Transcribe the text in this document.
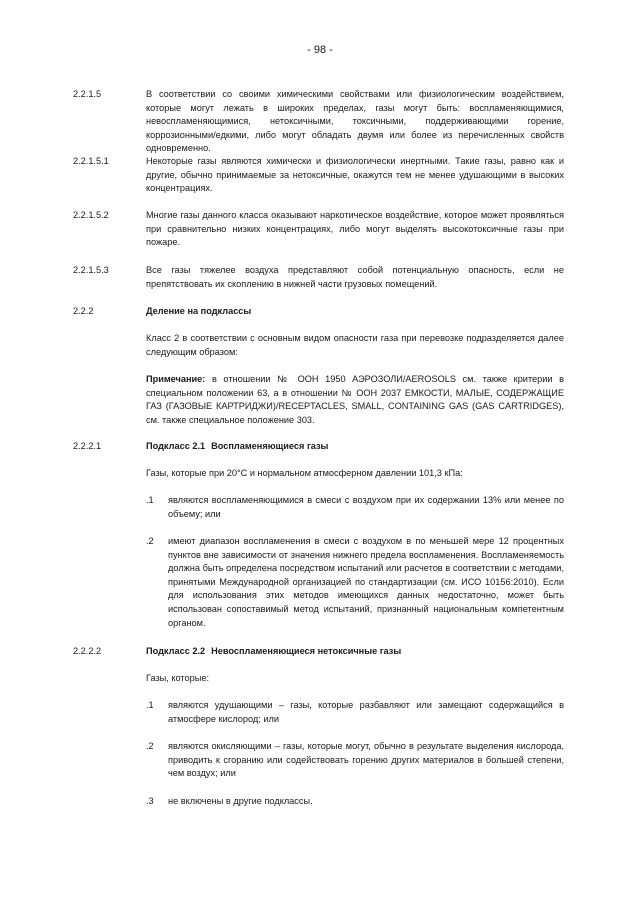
- 98 -
2.2.1.5	В соответствии со своими химическими свойствами или физиологическим воздействием, которые могут лежать в широких пределах, газы могут быть: воспламеняющимися, невоспламеняющимися, нетоксичными, токсичными, поддерживающими горение, коррозионными/едкими, либо могут обладать двумя или более из перечисленных свойств одновременно.
2.2.1.5.1	Некоторые газы являются химически и физиологически инертными. Такие газы, равно как и другие, обычно принимаемые за нетоксичные, окажутся тем не менее удушающими в высоких концентрациях.
2.2.1.5.2	Многие газы данного класса оказывают наркотическое воздействие, которое может проявляться при сравнительно низких концентрациях, либо могут выделять высокотоксичные газы при пожаре.
2.2.1.5.3	Все газы тяжелее воздуха представляют собой потенциальную опасность, если не препятствовать их скоплению в нижней части грузовых помещений.
2.2.2	Деление на подклассы
Класс 2 в соответствии с основным видом опасности газа при перевозке подразделяется далее следующим образом:
Примечание: в отношении № ООН 1950 АЭРОЗОЛИ/AEROSOLS см. также критерии в специальном положении 63, а в отношении № ООН 2037 ЕМКОСТИ, МАЛЫЕ, СОДЕРЖАЩИЕ ГАЗ (ГАЗОВЫЕ КАРТРИДЖИ)/RECEPTACLES, SMALL, CONTAINING GAS (GAS CARTRIDGES), см. также специальное положение 303.
2.2.2.1	Подкласс 2.1 Воспламеняющиеся газы
Газы, которые при 20°C и нормальном атмосферном давлении 101,3 кПа:
.1 являются воспламеняющимися в смеси с воздухом при их содержании 13% или менее по объему; или
.2 имеют диапазон воспламенения в смеси с воздухом в по меньшей мере 12 процентных пунктов вне зависимости от значения нижнего предела воспламенения. Воспламеняемость должна быть определена посредством испытаний или расчетов в соответствии с методами, принятыми Международной организацией по стандартизации (см. ИСО 10156:2010). Если для использования этих методов имеющихся данных недостаточно, может быть использован сопоставимый метод испытаний, признанный национальным компетентным органом.
2.2.2.2	Подкласс 2.2 Невоспламеняющиеся нетоксичные газы
Газы, которые:
.1 являются удушающими – газы, которые разбавляют или замещают содержащийся в атмосфере кислород; или
.2 являются окисляющими – газы, которые могут, обычно в результате выделения кислорода, приводить к сгоранию или содействовать горению других материалов в большей степени, чем воздух; или
.3 не включены в другие подклассы.
